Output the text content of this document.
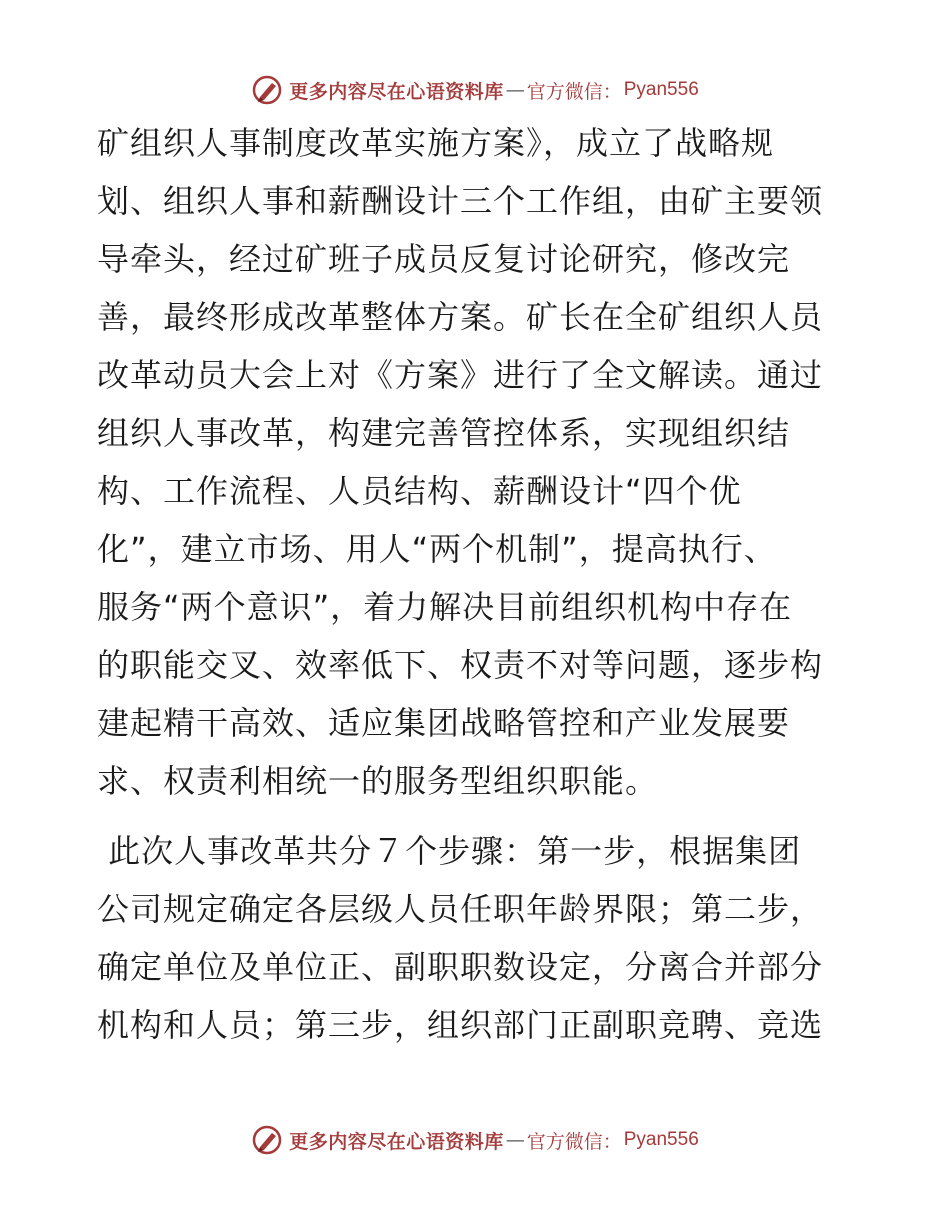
更多内容尽在心语资料库 — 官方微信： Pyan556
矿组织人事制度改革实施方案》，成立了战略规
划、组织人事和薪酬设计三个工作组，由矿主要领
导牵头，经过矿班子成员反复讨论研究，修改完
善，最终形成改革整体方案。矿长在全矿组织人员
改革动员大会上对《方案》进行了全文解读。通过
组织人事改革，构建完善管控体系，实现组织结
构、工作流程、人员结构、薪酬设计“四个优
化”，建立市场、用人“两个机制”，提高执行、
服务“两个意识”，着力解决目前组织机构中存在
的职能交叉、效率低下、权责不对等问题，逐步构
建起精干高效、适应集团战略管控和产业发展要
求、权责利相统一的服务型组织职能。
此次人事改革共分７个步骤：第一步，根据集团
公司规定确定各层级人员任职年龄界限；第二步，
确定单位及单位正、副职职数设定，分离合并部分
机构和人员；第三步，组织部门正副职竞聘、竞选
更多内容尽在心语资料库 — 官方微信： Pyan556
